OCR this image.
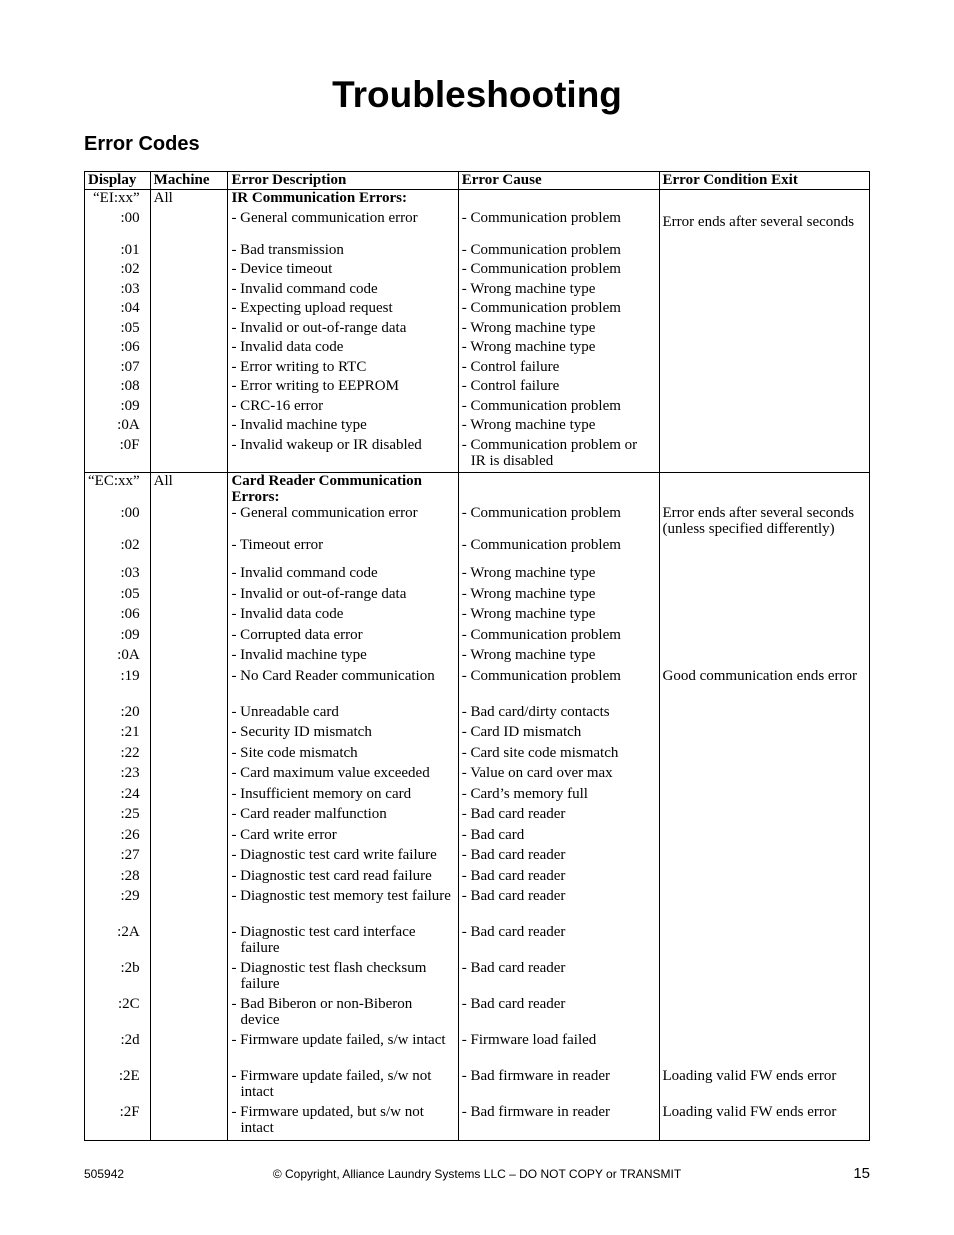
Troubleshooting
Error Codes
Display	Machine	Error Description	Error Cause	Error Condition Exit
“EI:xx”	All	IR Communication Errors:		
:00		- General communication error	- Communication problem	Error ends after several seconds
:01		- Bad transmission	- Communication problem	
:02		- Device timeout	- Communication problem	
:03		- Invalid command code	- Wrong machine type	
:04		- Expecting upload request	- Communication problem	
:05		- Invalid or out-of-range data	- Wrong machine type	
:06		- Invalid data code	- Wrong machine type	
:07		- Error writing to RTC	- Control failure	
:08		- Error writing to EEPROM	- Control failure	
:09		- CRC-16 error	- Communication problem	
:0A		- Invalid machine type	- Wrong machine type	
:0F		- Invalid wakeup or IR disabled	- Communication problem or IR is disabled	
“EC:xx”	All	Card Reader Communication Errors:		
:00		- General communication error	- Communication problem	Error ends after several seconds (unless specified differently)
:02		- Timeout error	- Communication problem	
:03		- Invalid command code	- Wrong machine type	
:05		- Invalid or out-of-range data	- Wrong machine type	
:06		- Invalid data code	- Wrong machine type	
:09		- Corrupted data error	- Communication problem	
:0A		- Invalid machine type	- Wrong machine type	
:19		- No Card Reader communication	- Communication problem	Good communication ends error
:20		- Unreadable card	- Bad card/dirty contacts	
:21		- Security ID mismatch	- Card ID mismatch	
:22		- Site code mismatch	- Card site code mismatch	
:23		- Card maximum value exceeded	- Value on card over max	
:24		- Insufficient memory on card	- Card’s memory full	
:25		- Card reader malfunction	- Bad card reader	
:26		- Card write error	- Bad card	
:27		- Diagnostic test card write failure	- Bad card reader	
:28		- Diagnostic test card read failure	- Bad card reader	
:29		- Diagnostic test memory test failure	- Bad card reader	
:2A		- Diagnostic test card interface failure	- Bad card reader	
:2b		- Diagnostic test flash checksum failure	- Bad card reader	
:2C		- Bad Biberon or non-Biberon device	- Bad card reader	
:2d		- Firmware update failed, s/w intact	- Firmware load failed	
:2E		- Firmware update failed, s/w not intact	- Bad firmware in reader	Loading valid FW ends error
:2F		- Firmware updated, but s/w not intact	- Bad firmware in reader	Loading valid FW ends error
505942	© Copyright, Alliance Laundry Systems LLC – DO NOT COPY or TRANSMIT	15
